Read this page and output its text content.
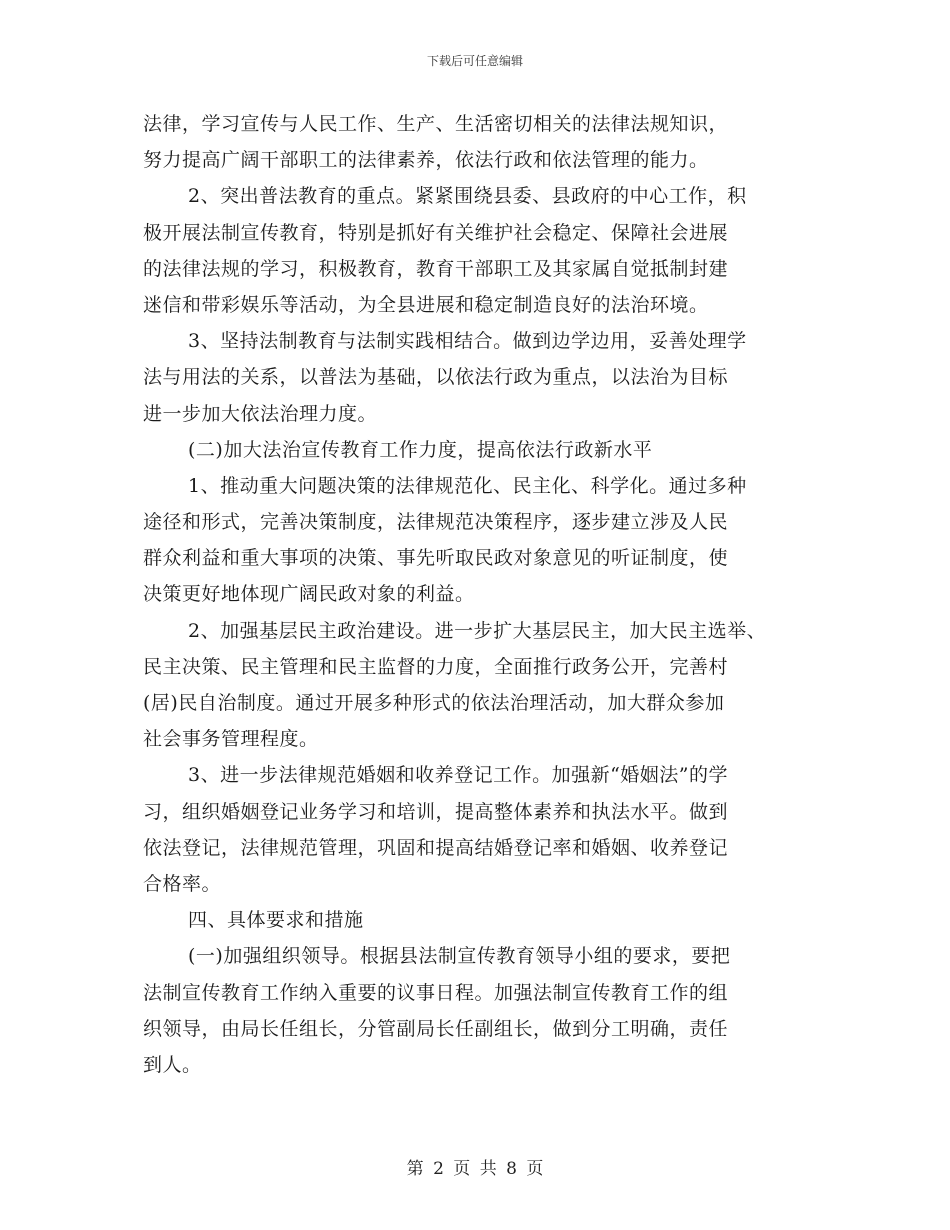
下载后可任意编辑
法律，学习宣传与人民工作、生产、生活密切相关的法律法规知识，
努力提高广阔干部职工的法律素养，依法行政和依法管理的能力。
2、突出普法教育的重点。紧紧围绕县委、县政府的中心工作，积
极开展法制宣传教育，特别是抓好有关维护社会稳定、保障社会进展
的法律法规的学习，积极教育，教育干部职工及其家属自觉抵制封建
迷信和带彩娱乐等活动，为全县进展和稳定制造良好的法治环境。
3、坚持法制教育与法制实践相结合。做到边学边用，妥善处理学
法与用法的关系，以普法为基础，以依法行政为重点，以法治为目标
进一步加大依法治理力度。
(二)加大法治宣传教育工作力度，提高依法行政新水平
1、推动重大问题决策的法律规范化、民主化、科学化。通过多种
途径和形式，完善决策制度，法律规范决策程序，逐步建立涉及人民
群众利益和重大事项的决策、事先听取民政对象意见的听证制度，使
决策更好地体现广阔民政对象的利益。
2、加强基层民主政治建设。进一步扩大基层民主，加大民主选举、
民主决策、民主管理和民主监督的力度，全面推行政务公开，完善村
(居)民自治制度。通过开展多种形式的依法治理活动，加大群众参加
社会事务管理程度。
3、进一步法律规范婚姻和收养登记工作。加强新“婚姻法”的学
习，组织婚姻登记业务学习和培训，提高整体素养和执法水平。做到
依法登记，法律规范管理，巩固和提高结婚登记率和婚姻、收养登记
合格率。
四、具体要求和措施
(一)加强组织领导。根据县法制宣传教育领导小组的要求，要把
法制宣传教育工作纳入重要的议事日程。加强法制宣传教育工作的组
织领导，由局长任组长，分管副局长任副组长，做到分工明确，责任
到人。
第 2 页 共 8 页
